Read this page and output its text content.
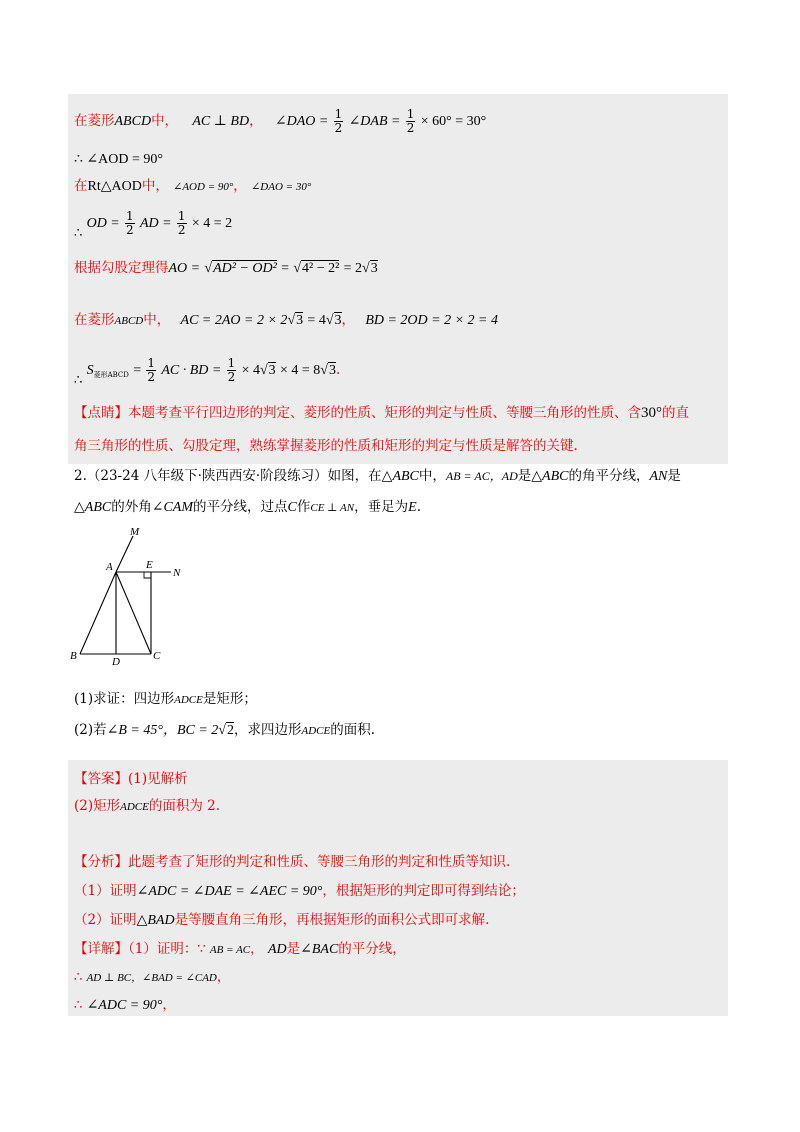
在菱形ABCD中， AC ⊥ BD， ∠DAO = $\frac{1}{2}$ ∠DAB = $\frac{1}{2} \times 60^\circ = 30^\circ$
∴ ∠AOD = 90°
在Rt△AOD中， ∠AOD = 90°， ∠DAO = 30°
∴ OD = $\frac{1}{2}$ AD = $\frac{1}{2} \times 4 = 2$
根据勾股定理得AO = √AD² − OD² = √4² − 2² = 2√3
在菱形ABCD中， AC = 2AO = 2 × 2√3 = 4√3， BD = 2OD = 2 × 2 = 4
∴ $S_{菱形ABCD} = \frac{1}{2}$ AC · BD = $\frac{1}{2} \times 4√3 \times 4 = 8√3$.
【点睛】本题考查平行四边形的判定、菱形的性质、矩形的判定与性质、等腰三角形的性质、含30°的直
角三角形的性质、勾股定理，熟练掌握菱形的性质和矩形的判定与性质是解答的关键.
2.（23-24 八年级下·陕西西安·阶段练习）如图，在△ABC中，AB = AC，AD是△ABC的角平分线，AN是
△ABC的外角∠CAM的平分线，过点C作CE ⊥ AN，垂足为E.
M
E
A	N
B	D	C
(1)求证：四边形ADCE是矩形；
(2)若∠B = 45°，BC = 2√2，求四边形ADCE的面积.
【答案】(1)见解析
(2)矩形ADCE的面积为 2.
【分析】此题考查了矩形的判定和性质、等腰三角形的判定和性质等知识.
（1）证明∠ADC = ∠DAE = ∠AEC = 90°，根据矩形的判定即可得到结论；
（2）证明△BAD是等腰直角三角形，再根据矩形的面积公式即可求解.
【详解】（1）证明：∵ AB = AC， AD是∠BAC的平分线，
∴ AD ⊥ BC，∠BAD = ∠CAD，
∴ ∠ADC = 90°，
